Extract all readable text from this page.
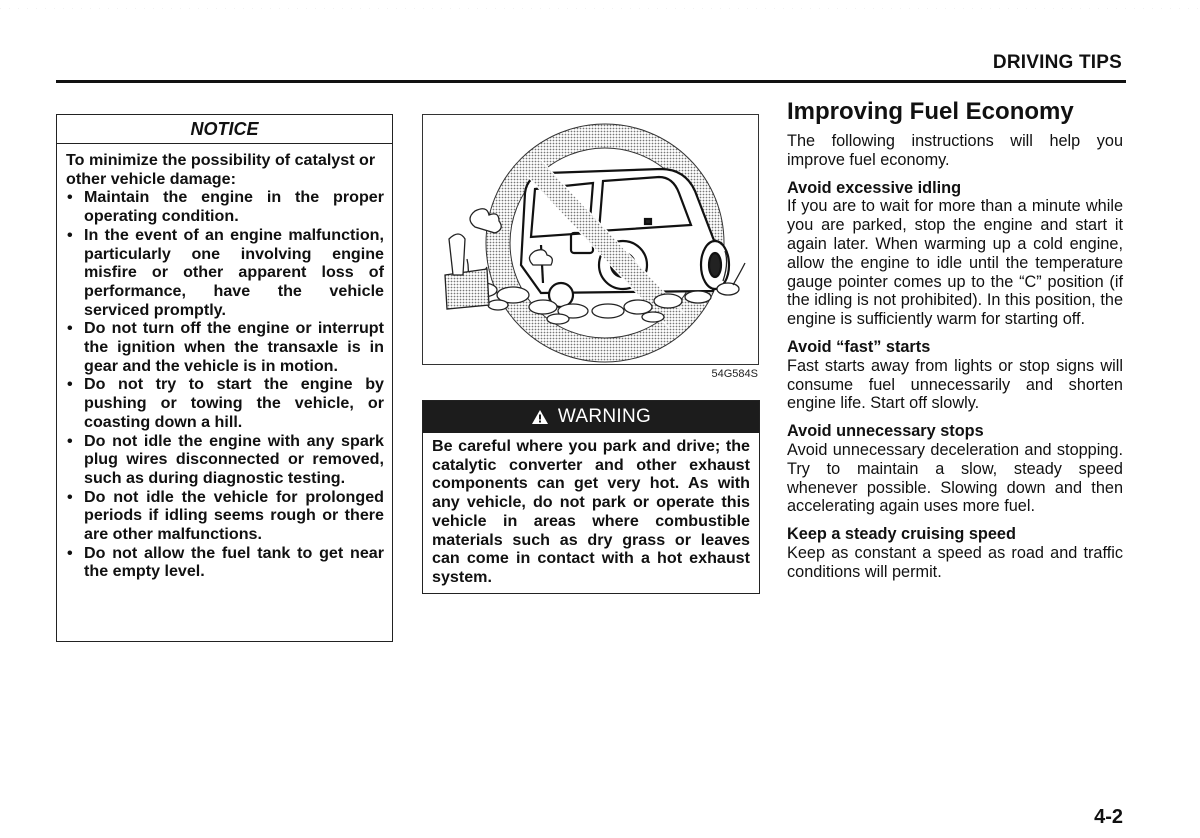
DRIVING TIPS
NOTICE

To minimize the possibility of catalyst or other vehicle damage:

• Maintain the engine in the proper operating condition.
• In the event of an engine malfunction, particularly one involving engine misfire or other apparent loss of performance, have the vehicle serviced promptly.
• Do not turn off the engine or interrupt the ignition when the transaxle is in gear and the vehicle is in motion.
• Do not try to start the engine by pushing or towing the vehicle, or coasting down a hill.
• Do not idle the engine with any spark plug wires disconnected or removed, such as during diagnostic testing.
• Do not idle the vehicle for prolonged periods if idling seems rough or there are other malfunctions.
• Do not allow the fuel tank to get near the empty level.
54G584S
WARNING
Be careful where you park and drive; the catalytic converter and other exhaust components can get very hot. As with any vehicle, do not park or operate this vehicle in areas where combustible materials such as dry grass or leaves can come in contact with a hot exhaust system.
Improving Fuel Economy

The following instructions will help you improve fuel economy.

Avoid excessive idling

If you are to wait for more than a minute while you are parked, stop the engine and start it again later. When warming up a cold engine, allow the engine to idle until the temperature gauge pointer comes up to the “C” position (if the idling is not prohibited). In this position, the engine is sufficiently warm for starting off.

Avoid “fast” starts

Fast starts away from lights or stop signs will consume fuel unnecessarily and shorten engine life. Start off slowly.

Avoid unnecessary stops

Avoid unnecessary deceleration and stopping. Try to maintain a slow, steady speed whenever possible. Slowing down and then accelerating again uses more fuel.

Keep a steady cruising speed

Keep as constant a speed as road and traffic conditions will permit.

4-2
